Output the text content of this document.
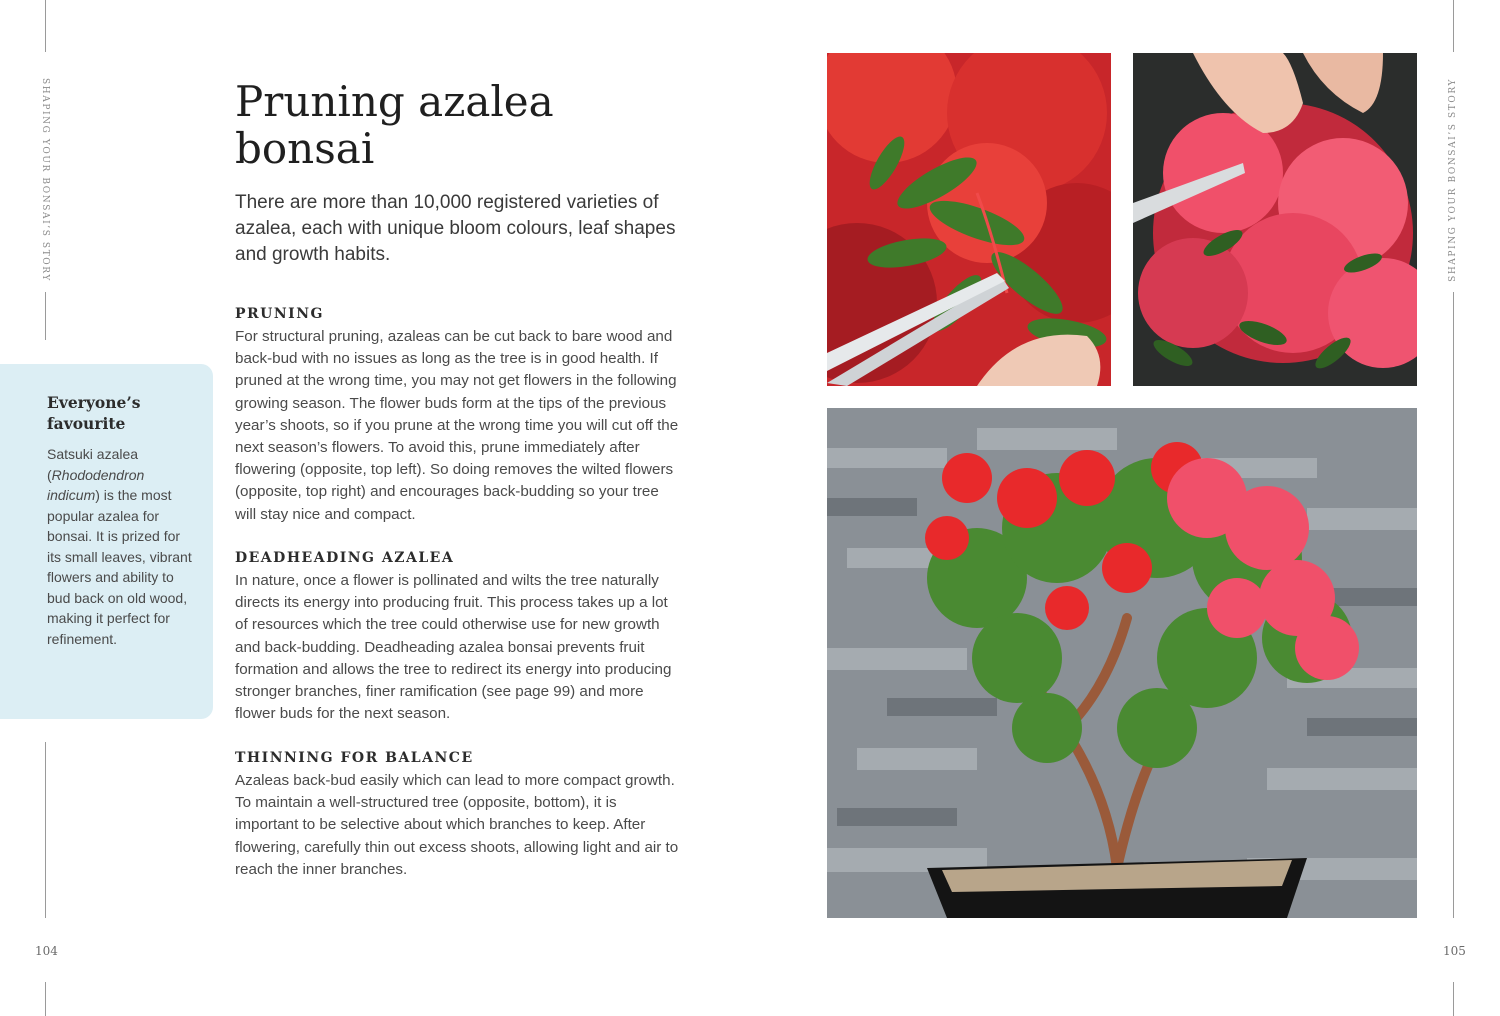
SHAPING YOUR BONSAI’S STORY	SHAPING YOUR BONSAI’S STORY
104	105
Everyone’s favourite

Satsuki azalea (Rhododendron indicum) is the most popular azalea for bonsai. It is prized for its small leaves, vibrant flowers and ability to bud back on old wood, making it perfect for refinement.

Pruning azalea bonsai

There are more than 10,000 registered varieties of azalea, each with unique bloom colours, leaf shapes and growth habits.

PRUNING

For structural pruning, azaleas can be cut back to bare wood and back-bud with no issues as long as the tree is in good health. If pruned at the wrong time, you may not get flowers in the following growing season. The flower buds form at the tips of the previous year’s shoots, so if you prune at the wrong time you will cut off the next season’s flowers. To avoid this, prune immediately after flowering (opposite, top left). So doing removes the wilted flowers (opposite, top right) and encourages back-budding so your tree will stay nice and compact.

DEADHEADING AZALEA

In nature, once a flower is pollinated and wilts the tree naturally directs its energy into producing fruit. This process takes up a lot of resources which the tree could otherwise use for new growth and back-budding. Deadheading azalea bonsai prevents fruit formation and allows the tree to redirect its energy into producing stronger branches, finer ramification (see page 99) and more flower buds for the next season.

THINNING FOR BALANCE

Azaleas back-bud easily which can lead to more compact growth. To maintain a well-structured tree (opposite, bottom), it is important to be selective about which branches to keep. After flowering, carefully thin out excess shoots, allowing light and air to reach the inner branches.
